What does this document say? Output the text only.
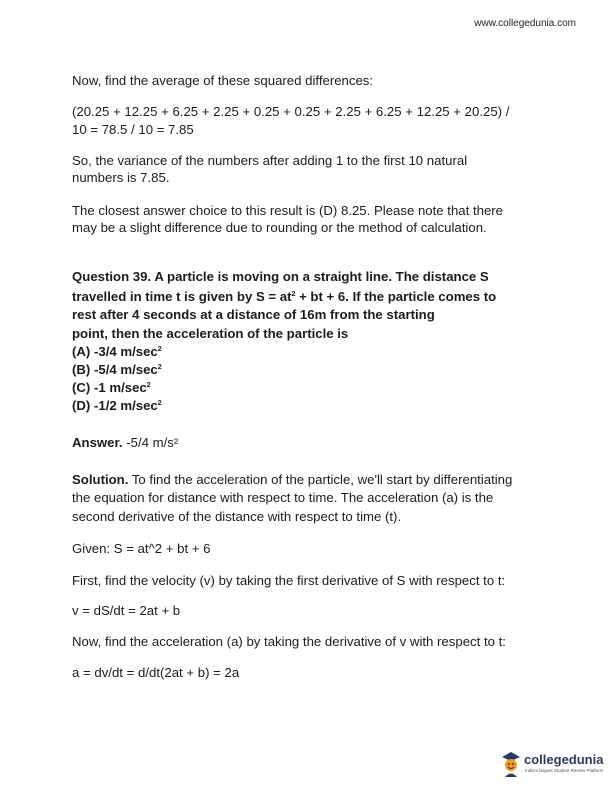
www.collegedunia.com
Now, find the average of these squared differences:
(20.25 + 12.25 + 6.25 + 2.25 + 0.25 + 0.25 + 2.25 + 6.25 + 12.25 + 20.25) /
10 = 78.5 / 10 = 7.85
So, the variance of the numbers after adding 1 to the first 10 natural
numbers is 7.85.
The closest answer choice to this result is (D) 8.25. Please note that there
may be a slight difference due to rounding or the method of calculation.
Question 39. A particle is moving on a straight line. The distance S
travelled in time t is given by $S = at^2$ + bt + 6. If the particle comes to
rest after 4 seconds at a distance of 16m from the starting
point, then the acceleration of the particle is
(A) -3/4 $m/\sec^2$
(B) -5/4 $m/\sec^2$
(C) -1 $m/\sec^2$
(D) -1/2 $m/\sec^2$
Answer. -5/4 m/s²
Solution. To find the acceleration of the particle, we'll start by differentiating
the equation for distance with respect to time. The acceleration (a) is the
second derivative of the distance with respect to time (t).
Given: S = at^2 + bt + 6
First, find the velocity (v) by taking the first derivative of S with respect to t:
v = dS/dt = 2at + b
Now, find the acceleration (a) by taking the derivative of v with respect to t:
a = dv/dt = d/dt(2at + b) = 2a
collegedunia
India's largest Student Review Platform
